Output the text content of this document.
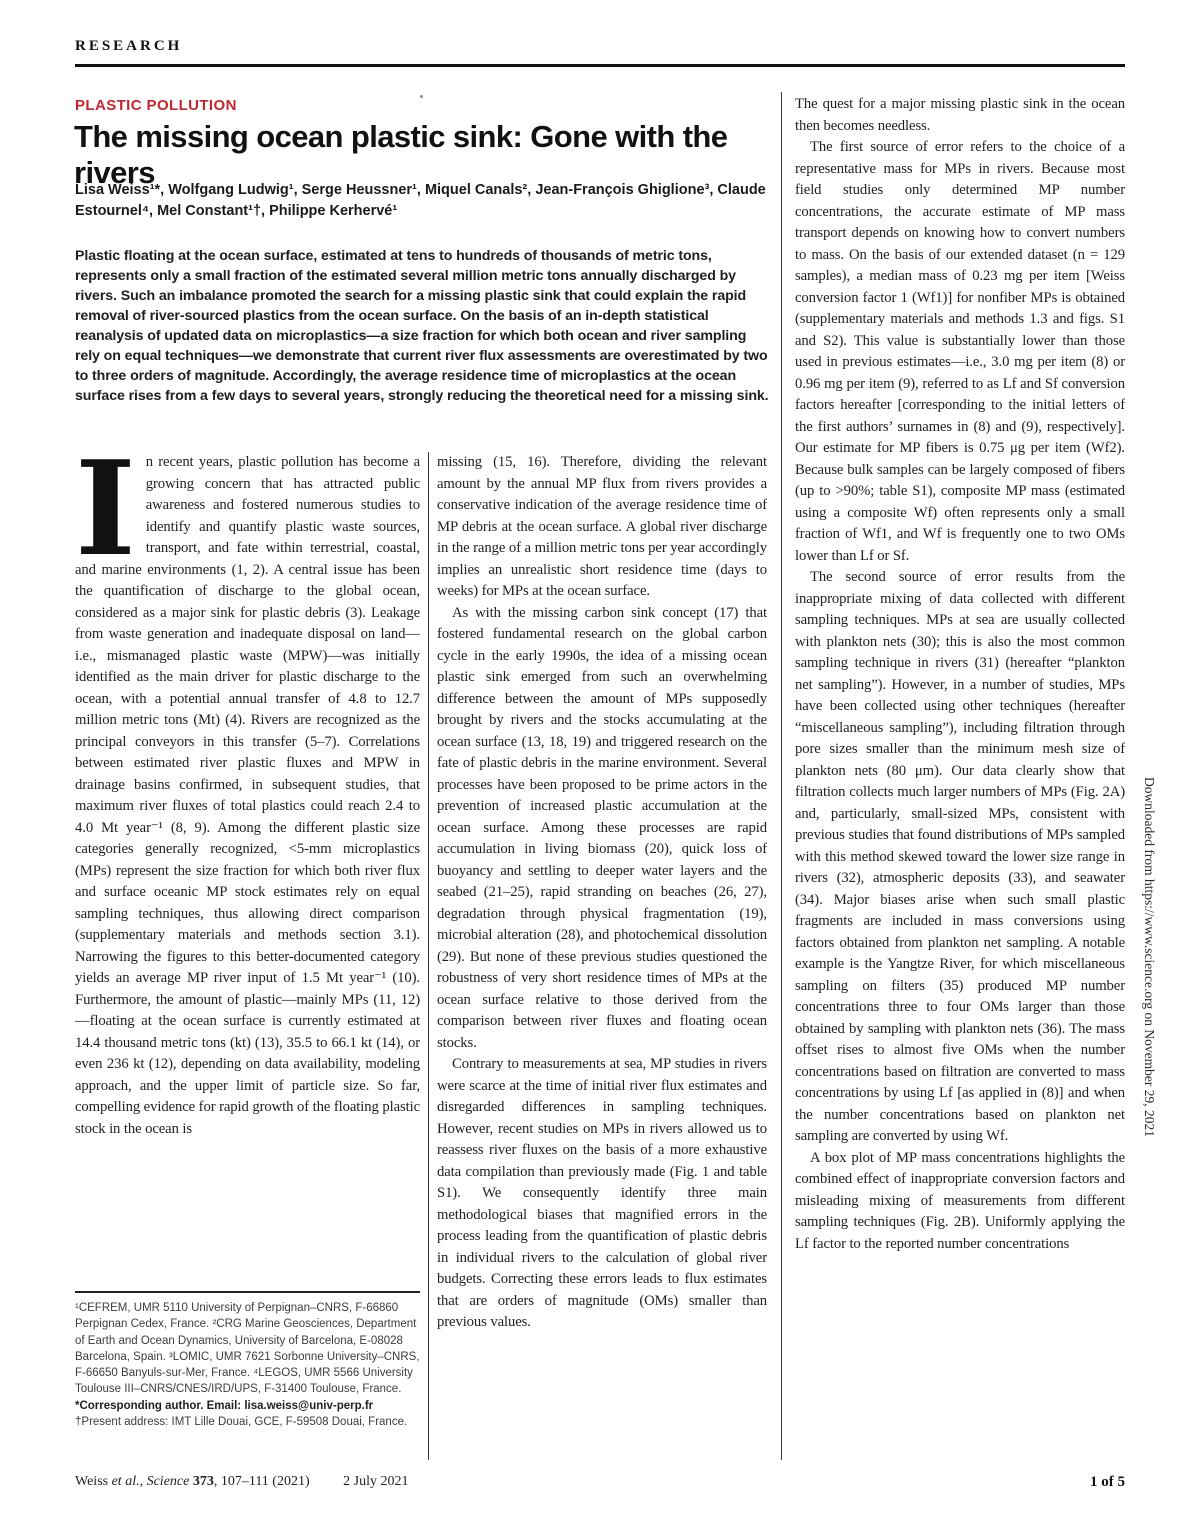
RESEARCH
PLASTIC POLLUTION
The missing ocean plastic sink: Gone with the rivers
Lisa Weiss¹*, Wolfgang Ludwig¹, Serge Heussner¹, Miquel Canals², Jean-François Ghiglione³, Claude Estournel⁴, Mel Constant¹†, Philippe Kerhervé¹
Plastic floating at the ocean surface, estimated at tens to hundreds of thousands of metric tons, represents only a small fraction of the estimated several million metric tons annually discharged by rivers. Such an imbalance promoted the search for a missing plastic sink that could explain the rapid removal of river-sourced plastics from the ocean surface. On the basis of an in-depth statistical reanalysis of updated data on microplastics—a size fraction for which both ocean and river sampling rely on equal techniques—we demonstrate that current river flux assessments are overestimated by two to three orders of magnitude. Accordingly, the average residence time of microplastics at the ocean surface rises from a few days to several years, strongly reducing the theoretical need for a missing sink.

In recent years, plastic pollution has become a growing concern that has attracted public awareness and fostered numerous studies to identify and quantify plastic waste sources, transport, and fate within terrestrial, coastal, and marine environments (1, 2). A central issue has been the quantification of discharge to the global ocean, considered as a major sink for plastic debris (3). Leakage from waste generation and inadequate disposal on land—i.e., mismanaged plastic waste (MPW)—was initially identified as the main driver for plastic discharge to the ocean, with a potential annual transfer of 4.8 to 12.7 million metric tons (Mt) (4). Rivers are recognized as the principal conveyors in this transfer (5–7). Correlations between estimated river plastic fluxes and MPW in drainage basins confirmed, in subsequent studies, that maximum river fluxes of total plastics could reach 2.4 to 4.0 Mt year⁻¹ (8, 9). Among the different plastic size categories generally recognized, <5-mm microplastics (MPs) represent the size fraction for which both river flux and surface oceanic MP stock estimates rely on equal sampling techniques, thus allowing direct comparison (supplementary materials and methods section 3.1). Narrowing the figures to this better-documented category yields an average MP river input of 1.5 Mt year⁻¹ (10). Furthermore, the amount of plastic—mainly MPs (11, 12)—floating at the ocean surface is currently estimated at 14.4 thousand metric tons (kt) (13), 35.5 to 66.1 kt (14), or even 236 kt (12), depending on data availability, modeling approach, and the upper limit of particle size. So far, compelling evidence for rapid growth of the floating plastic stock in the ocean is

missing (15, 16). Therefore, dividing the relevant amount by the annual MP flux from rivers provides a conservative indication of the average residence time of MP debris at the ocean surface. A global river discharge in the range of a million metric tons per year accordingly implies an unrealistic short residence time (days to weeks) for MPs at the ocean surface.

As with the missing carbon sink concept (17) that fostered fundamental research on the global carbon cycle in the early 1990s, the idea of a missing ocean plastic sink emerged from such an overwhelming difference between the amount of MPs supposedly brought by rivers and the stocks accumulating at the ocean surface (13, 18, 19) and triggered research on the fate of plastic debris in the marine environment. Several processes have been proposed to be prime actors in the prevention of increased plastic accumulation at the ocean surface. Among these processes are rapid accumulation in living biomass (20), quick loss of buoyancy and settling to deeper water layers and the seabed (21–25), rapid stranding on beaches (26, 27), degradation through physical fragmentation (19), microbial alteration (28), and photochemical dissolution (29). But none of these previous studies questioned the robustness of very short residence times of MPs at the ocean surface relative to those derived from the comparison between river fluxes and floating ocean stocks.

Contrary to measurements at sea, MP studies in rivers were scarce at the time of initial river flux estimates and disregarded differences in sampling techniques. However, recent studies on MPs in rivers allowed us to reassess river fluxes on the basis of a more exhaustive data compilation than previously made (Fig. 1 and table S1). We consequently identify three main methodological biases that magnified errors in the process leading from the quantification of plastic debris in individual rivers to the calculation of global river budgets. Correcting these errors leads to flux estimates that are orders of magnitude (OMs) smaller than previous values.

The quest for a major missing plastic sink in the ocean then becomes needless.

The first source of error refers to the choice of a representative mass for MPs in rivers. Because most field studies only determined MP number concentrations, the accurate estimate of MP mass transport depends on knowing how to convert numbers to mass. On the basis of our extended dataset (n = 129 samples), a median mass of 0.23 mg per item [Weiss conversion factor 1 (Wf1)] for nonfiber MPs is obtained (supplementary materials and methods 1.3 and figs. S1 and S2). This value is substantially lower than those used in previous estimates—i.e., 3.0 mg per item (8) or 0.96 mg per item (9), referred to as Lf and Sf conversion factors hereafter [corresponding to the initial letters of the first authors’ surnames in (8) and (9), respectively]. Our estimate for MP fibers is 0.75 μg per item (Wf2). Because bulk samples can be largely composed of fibers (up to >90%; table S1), composite MP mass (estimated using a composite Wf) often represents only a small fraction of Wf1, and Wf is frequently one to two OMs lower than Lf or Sf.

The second source of error results from the inappropriate mixing of data collected with different sampling techniques. MPs at sea are usually collected with plankton nets (30); this is also the most common sampling technique in rivers (31) (hereafter “plankton net sampling”). However, in a number of studies, MPs have been collected using other techniques (hereafter “miscellaneous sampling”), including filtration through pore sizes smaller than the minimum mesh size of plankton nets (80 μm). Our data clearly show that filtration collects much larger numbers of MPs (Fig. 2A) and, particularly, small-sized MPs, consistent with previous studies that found distributions of MPs sampled with this method skewed toward the lower size range in rivers (32), atmospheric deposits (33), and seawater (34). Major biases arise when such small plastic fragments are included in mass conversions using factors obtained from plankton net sampling. A notable example is the Yangtze River, for which miscellaneous sampling on filters (35) produced MP number concentrations three to four OMs larger than those obtained by sampling with plankton nets (36). The mass offset rises to almost five OMs when the number concentrations based on filtration are converted to mass concentrations by using Lf [as applied in (8)] and when the number concentrations based on plankton net sampling are converted by using Wf.

A box plot of MP mass concentrations highlights the combined effect of inappropriate conversion factors and misleading mixing of measurements from different sampling techniques (Fig. 2B). Uniformly applying the Lf factor to the reported number concentrations

¹CEFREM, UMR 5110 University of Perpignan–CNRS, F-66860 Perpignan Cedex, France. ²CRG Marine Geosciences, Department of Earth and Ocean Dynamics, University of Barcelona, E-08028 Barcelona, Spain. ³LOMIC, UMR 7621 Sorbonne University–CNRS, F-66650 Banyuls-sur-Mer, France. ⁴LEGOS, UMR 5566 University Toulouse III–CNRS/CNES/IRD/UPS, F-31400 Toulouse, France.

*Corresponding author. Email: lisa.weiss@univ-perp.fr

†Present address: IMT Lille Douai, GCE, F-59508 Douai, France.

Weiss et al., Science 373, 107–111 (2021) 2 July 2021	1 of 5
Downloaded from https://www.science.org on November 29, 2021
